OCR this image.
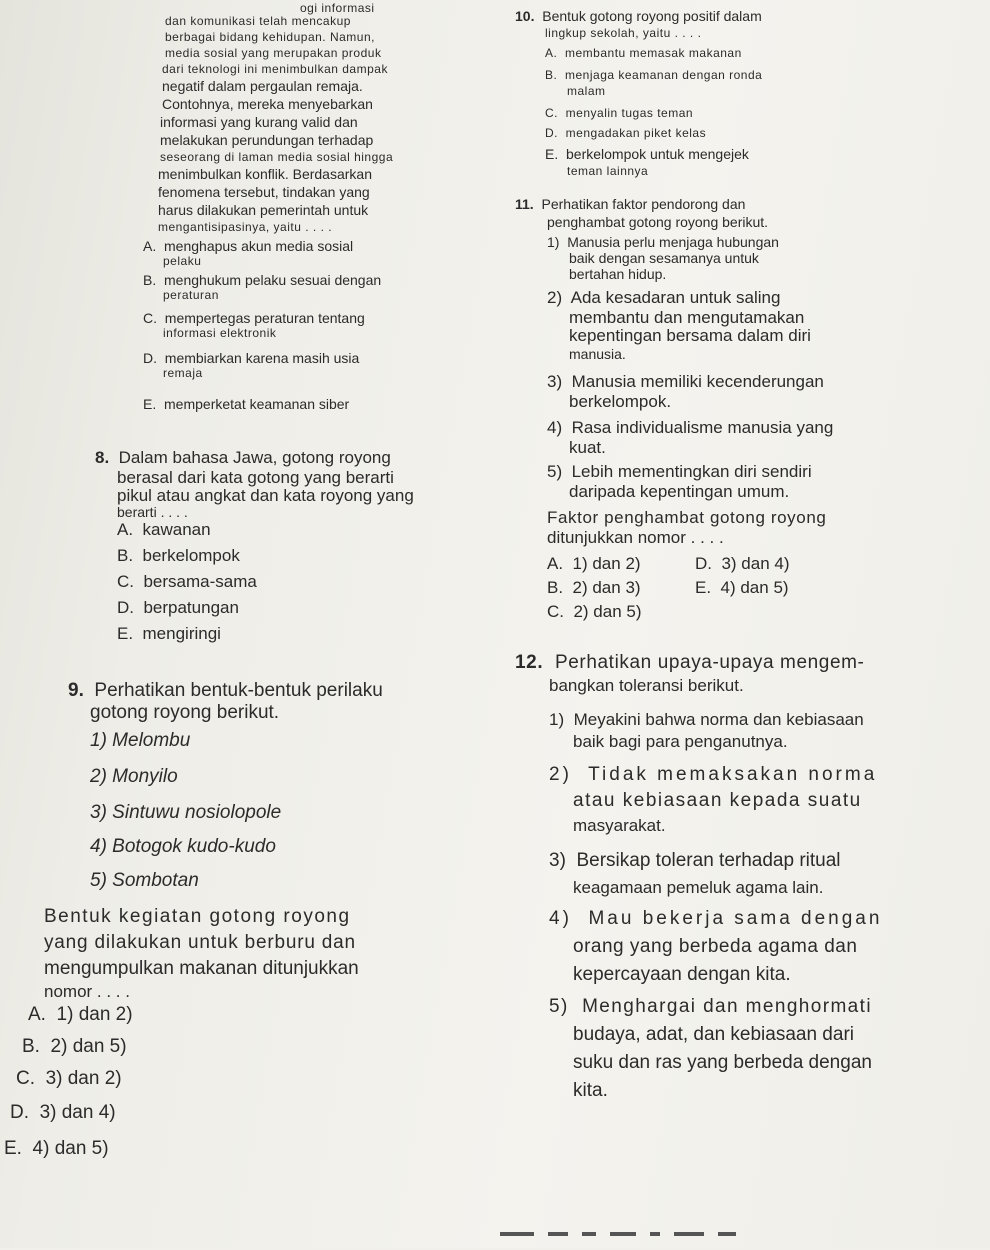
ogi informasi
dan komunikasi telah mencakup
berbagai bidang kehidupan. Namun,
media sosial yang merupakan produk
dari teknologi ini menimbulkan dampak
negatif dalam pergaulan remaja.
Contohnya, mereka menyebarkan
informasi yang kurang valid dan
melakukan perundungan terhadap
seseorang di laman media sosial hingga
menimbulkan konflik. Berdasarkan
fenomena tersebut, tindakan yang
harus dilakukan pemerintah untuk
mengantisipasinya, yaitu . . . .
A. menghapus akun media sosial
pelaku
B. menghukum pelaku sesuai dengan
peraturan
C. mempertegas peraturan tentang
informasi elektronik
D. membiarkan karena masih usia
remaja
E. memperketat keamanan siber
8. Dalam bahasa Jawa, gotong royong
berasal dari kata gotong yang berarti
pikul atau angkat dan kata royong yang
berarti . . . .
A. kawanan
B. berkelompok
C. bersama-sama
D. berpatungan
E. mengiringi
9. Perhatikan bentuk-bentuk perilaku
gotong royong berikut.
1) Melombu
2) Monyilo
3) Sintuwu nosiolopole
4) Botogok kudo-kudo
5) Sombotan
Bentuk kegiatan gotong royong
yang dilakukan untuk berburu dan
mengumpulkan makanan ditunjukkan
nomor . . . .
A. 1) dan 2)
B. 2) dan 5)
C. 3) dan 2)
D. 3) dan 4)
E. 4) dan 5)
10. Bentuk gotong royong positif dalam
lingkup sekolah, yaitu . . . .
A. membantu memasak makanan
B. menjaga keamanan dengan ronda
malam
C. menyalin tugas teman
D. mengadakan piket kelas
E. berkelompok untuk mengejek
teman lainnya
11. Perhatikan faktor pendorong dan
penghambat gotong royong berikut.
1) Manusia perlu menjaga hubungan
baik dengan sesamanya untuk
bertahan hidup.
2) Ada kesadaran untuk saling
membantu dan mengutamakan
kepentingan bersama dalam diri
manusia.
3) Manusia memiliki kecenderungan
berkelompok.
4) Rasa individualisme manusia yang
kuat.
5) Lebih mementingkan diri sendiri
daripada kepentingan umum.
Faktor penghambat gotong royong
ditunjukkan nomor . . . .
A. 1) dan 2)
B. 2) dan 3)
C. 2) dan 5)
D. 3) dan 4)
E. 4) dan 5)
12. Perhatikan upaya-upaya mengem-
bangkan toleransi berikut.
1) Meyakini bahwa norma dan kebiasaan
baik bagi para penganutnya.
2) Tidak memaksakan norma
atau kebiasaan kepada suatu
masyarakat.
3) Bersikap toleran terhadap ritual
keagamaan pemeluk agama lain.
4) Mau bekerja sama dengan
orang yang berbeda agama dan
kepercayaan dengan kita.
5) Menghargai dan menghormati
budaya, adat, dan kebiasaan dari
suku dan ras yang berbeda dengan
kita.
